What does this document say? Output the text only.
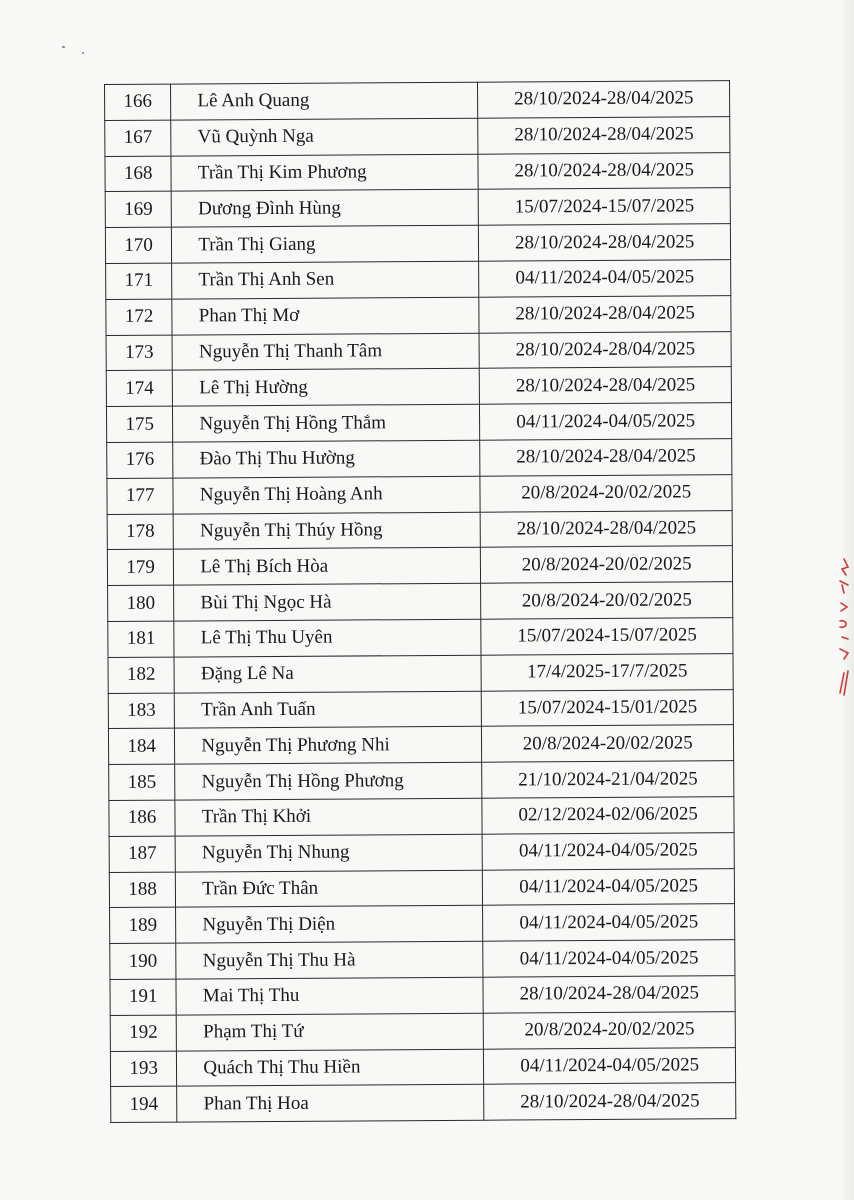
166	Lê Anh Quang	28/10/2024-28/04/2025
167	Vũ Quỳnh Nga	28/10/2024-28/04/2025
168	Trần Thị Kim Phương	28/10/2024-28/04/2025
169	Dương Đình Hùng	15/07/2024-15/07/2025
170	Trần Thị Giang	28/10/2024-28/04/2025
171	Trần Thị Anh Sen	04/11/2024-04/05/2025
172	Phan Thị Mơ	28/10/2024-28/04/2025
173	Nguyễn Thị Thanh Tâm	28/10/2024-28/04/2025
174	Lê Thị Hường	28/10/2024-28/04/2025
175	Nguyễn Thị Hồng Thắm	04/11/2024-04/05/2025
176	Đào Thị Thu Hường	28/10/2024-28/04/2025
177	Nguyễn Thị Hoàng Anh	20/8/2024-20/02/2025
178	Nguyễn Thị Thúy Hồng	28/10/2024-28/04/2025
179	Lê Thị Bích Hòa	20/8/2024-20/02/2025
180	Bùi Thị Ngọc Hà	20/8/2024-20/02/2025
181	Lê Thị Thu Uyên	15/07/2024-15/07/2025
182	Đặng Lê Na	17/4/2025-17/7/2025
183	Trần Anh Tuấn	15/07/2024-15/01/2025
184	Nguyễn Thị Phương Nhi	20/8/2024-20/02/2025
185	Nguyễn Thị Hồng Phương	21/10/2024-21/04/2025
186	Trần Thị Khởi	02/12/2024-02/06/2025
187	Nguyễn Thị Nhung	04/11/2024-04/05/2025
188	Trần Đức Thân	04/11/2024-04/05/2025
189	Nguyễn Thị Diện	04/11/2024-04/05/2025
190	Nguyễn Thị Thu Hà	04/11/2024-04/05/2025
191	Mai Thị Thu	28/10/2024-28/04/2025
192	Phạm Thị Tứ	20/8/2024-20/02/2025
193	Quách Thị Thu Hiền	04/11/2024-04/05/2025
194	Phan Thị Hoa	28/10/2024-28/04/2025
